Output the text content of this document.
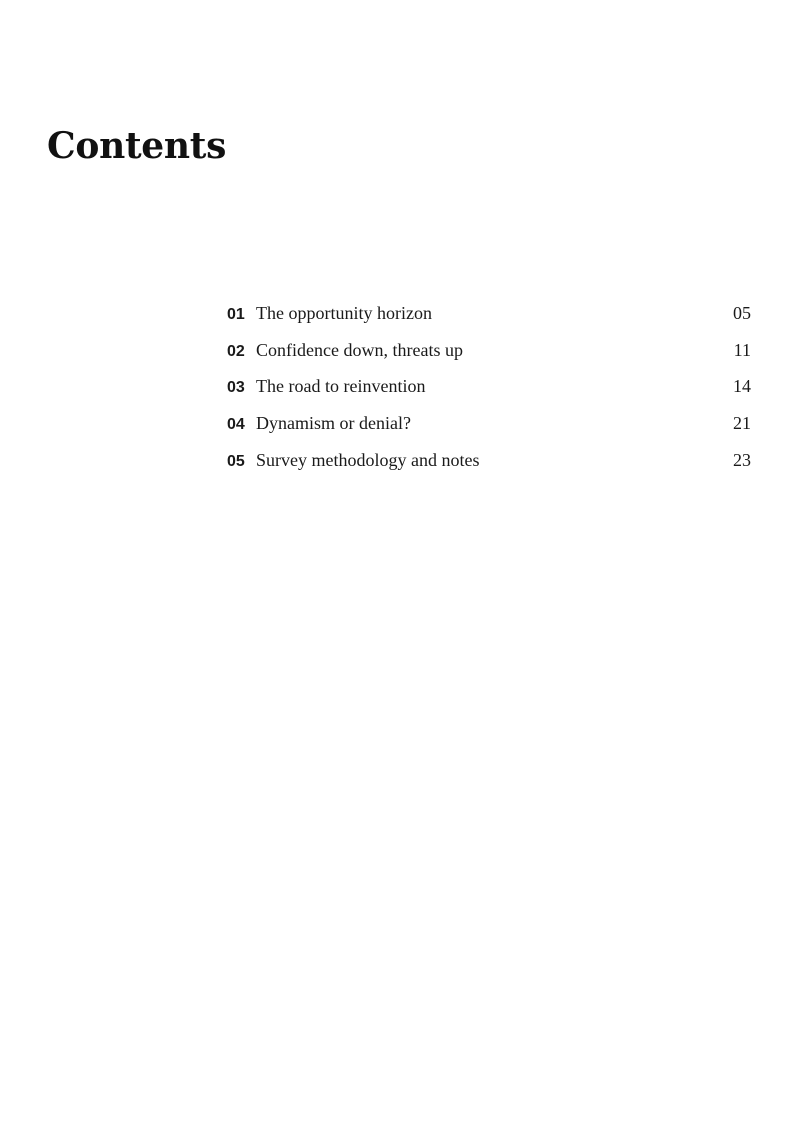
Contents
01 The opportunity horizon	05
02 Confidence down, threats up	11
03 The road to reinvention	14
04 Dynamism or denial?	21
05 Survey methodology and notes	23
